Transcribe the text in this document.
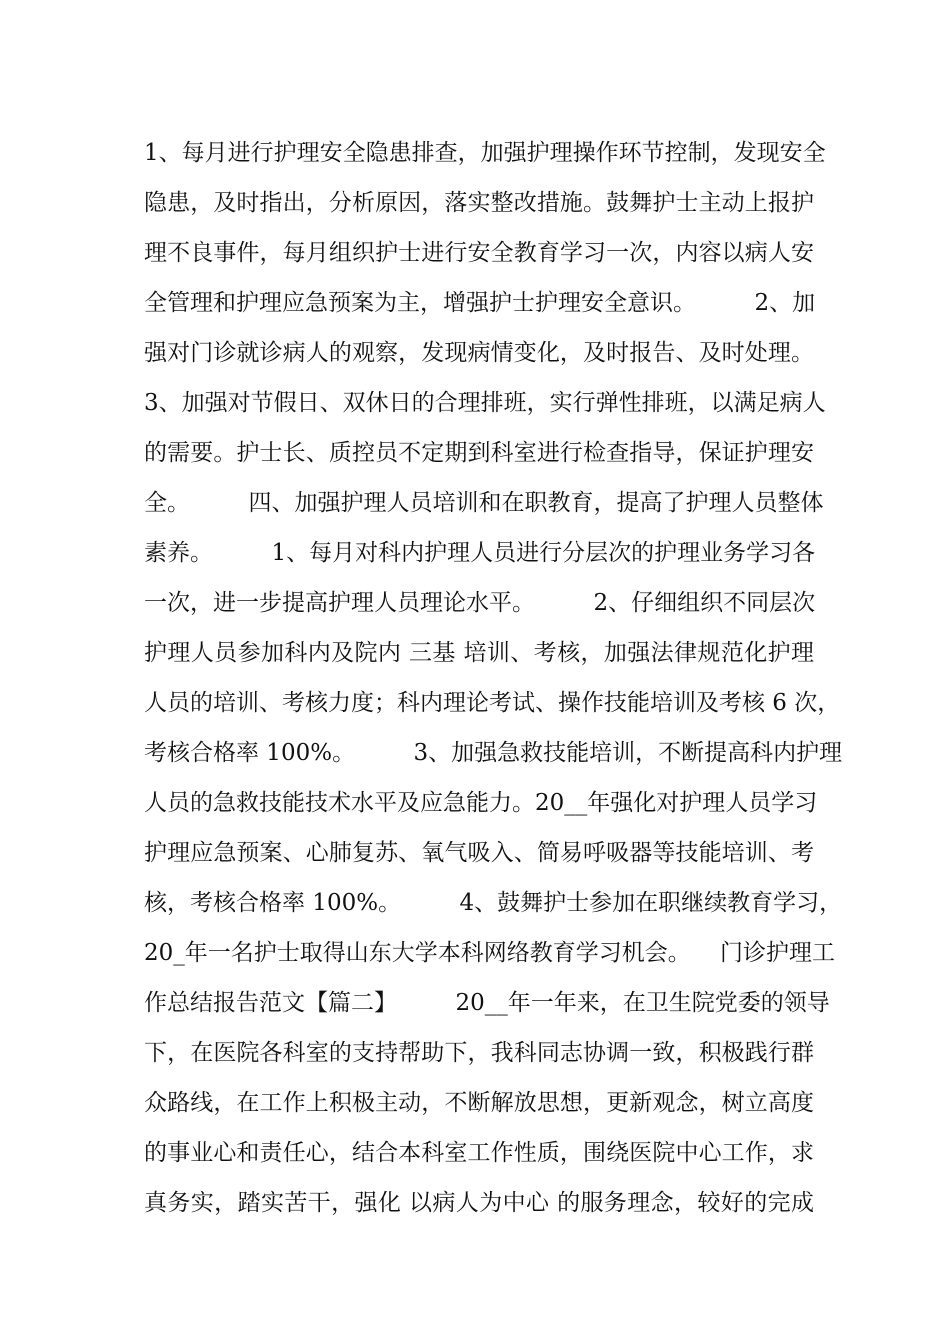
1、每月进行护理安全隐患排查，加强护理操作环节控制，发现安全
隐患，及时指出，分析原因，落实整改措施。鼓舞护士主动上报护
理不良事件，每月组织护士进行安全教育学习一次，内容以病人安
全管理和护理应急预案为主，增强护士护理安全意识。        2、加
强对门诊就诊病人的观察，发现病情变化，及时报告、及时处理。
3、加强对节假日、双休日的合理排班，实行弹性排班，以满足病人
的需要。护士长、质控员不定期到科室进行检查指导，保证护理安
全。        四、加强护理人员培训和在职教育，提高了护理人员整体
素养。        1、每月对科内护理人员进行分层次的护理业务学习各
一次，进一步提高护理人员理论水平。        2、仔细组织不同层次
护理人员参加科内及院内 三基 培训、考核，加强法律规范化护理
人员的培训、考核力度；科内理论考试、操作技能培训及考核 6 次，
考核合格率 100%。        3、加强急救技能培训，不断提高科内护理
人员的急救技能技术水平及应急能力。20__年强化对护理人员学习
护理应急预案、心肺复苏、氧气吸入、简易呼吸器等技能培训、考
核，考核合格率 100%。        4、鼓舞护士参加在职继续教育学习，
20_年一名护士取得山东大学本科网络教育学习机会。    门诊护理工
作总结报告范文【篇二】        20__年一年来，在卫生院党委的领导
下，在医院各科室的支持帮助下，我科同志协调一致，积极践行群
众路线，在工作上积极主动，不断解放思想，更新观念，树立高度
的事业心和责任心，结合本科室工作性质，围绕医院中心工作，求
真务实，踏实苦干，强化 以病人为中心 的服务理念，较好的完成
